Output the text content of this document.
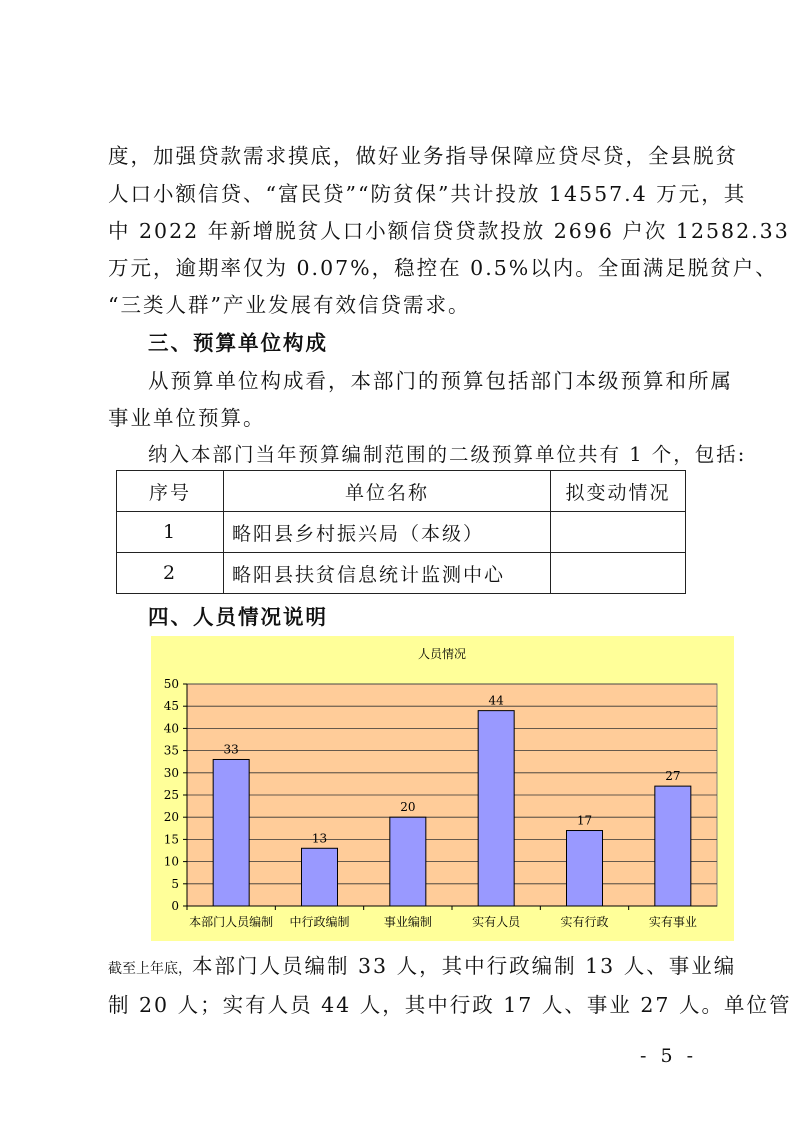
度，加强贷款需求摸底，做好业务指导保障应贷尽贷，全县脱贫
人口小额信贷、“富民贷”“防贫保”共计投放 14557.4 万元，其
中 2022 年新增脱贫人口小额信贷贷款投放 2696 户次 12582.33
万元，逾期率仅为 0.07%，稳控在 0.5%以内。全面满足脱贫户、
“三类人群”产业发展有效信贷需求。
三、预算单位构成
从预算单位构成看，本部门的预算包括部门本级预算和所属
事业单位预算。
纳入本部门当年预算编制范围的二级预算单位共有 1 个，包括:
序号	单位名称	拟变动情况
1	略阳县乡村振兴局（本级）	
2	略阳县扶贫信息统计监测中心	
四、人员情况说明
人员情况
0
5
10
15
20
25
30
35
40
45
50
33
13
20
44
17
27
本部门人员编制 中行政编制	事业编制	实有人员	实有行政	实有事业
截至上年底，本部门人员编制 33 人，其中行政编制 13 人、事业编
制 20 人；实有人员 44 人，其中行政 17 人、事业 27 人。单位管
- 5 -
